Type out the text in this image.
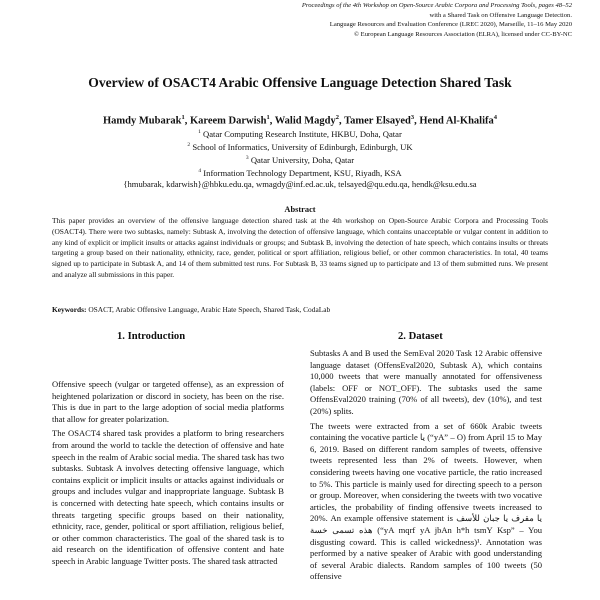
Proceedings of the 4th Workshop on Open-Source Arabic Corpora and Processing Tools, pages 48–52
with a Shared Task on Offensive Language Detection.
Language Resources and Evaluation Conference (LREC 2020), Marseille, 11–16 May 2020
© European Language Resources Association (ELRA), licensed under CC-BY-NC
Overview of OSACT4 Arabic Offensive Language Detection Shared Task
Hamdy Mubarak$^1$, Kareem Darwish$^1$, Walid Magdy$^2$, Tamer Elsayed$^3$, Hend Al-Khalifa$^4$
$^1$ Qatar Computing Research Institute, HKBU, Doha, Qatar
$^2$ School of Informatics, University of Edinburgh, Edinburgh, UK
$^3$ Qatar University, Doha, Qatar
$^4$ Information Technology Department, KSU, Riyadh, KSA
{hmubarak, kdarwish}@hbku.edu.qa, wmagdy@inf.ed.ac.uk, telsayed@qu.edu.qa, hendk@ksu.edu.sa
Abstract
This paper provides an overview of the offensive language detection shared task at the 4th workshop on Open-Source Arabic Corpora and Processing Tools (OSACT4). There were two subtasks, namely: Subtask A, involving the detection of offensive language, which contains unacceptable or vulgar content in addition to any kind of explicit or implicit insults or attacks against individuals or groups; and Subtask B, involving the detection of hate speech, which contains insults or threats targeting a group based on their nationality, ethnicity, race, gender, political or sport affiliation, religious belief, or other common characteristics. In total, 40 teams signed up to participate in Subtask A, and 14 of them submitted test runs. For Subtask B, 33 teams signed up to participate and 13 of them submitted runs. We present and analyze all submissions in this paper.
Keywords: OSACT, Arabic Offensive Language, Arabic Hate Speech, Shared Task, CodaLab
1. Introduction	2. Dataset

Offensive speech (vulgar or targeted offense), as an expression of heightened polarization or discord in society, has been on the rise. This is due in part to the large adoption of social media platforms that allow for greater polarization.

The OSACT4 shared task provides a platform to bring researchers from around the world to tackle the detection of offensive and hate speech in the realm of Arabic social media. The shared task has two subtasks. Subtask A involves detecting offensive language, which contains explicit or implicit insults or attacks against individuals or groups and includes vulgar and inappropriate language. Subtask B is concerned with detecting hate speech, which contains insults or threats targeting specific groups based on their nationality, ethnicity, race, gender, political or sport affiliation, religious belief, or other common characteristics. The goal of the shared task is to aid research on the identification of offensive content and hate speech in Arabic language Twitter posts. The shared task attracted

Subtasks A and B used the SemEval 2020 Task 12 Arabic offensive language dataset (OffensEval2020, Subtask A), which contains 10,000 tweets that were manually annotated for offensiveness (labels: OFF or NOT_OFF). The subtasks used the same OffensEval2020 training (70% of all tweets), dev (10%), and test (20%) splits.

The tweets were extracted from a set of 660k Arabic tweets containing the vocative particle يا (“yA” – O) from April 15 to May 6, 2019. Based on different random samples of tweets, offensive tweets represented less than 2% of tweets. However, when considering tweets having one vocative particle, the ratio increased to 5%. This particle is mainly used for directing speech to a person or group. Moreover, when considering the tweets with two vocative articles, the probability of finding offensive tweets increased to 20%. An example offensive statement is يا مقرف يا جبان للأسف هذه تسمى خسة (“yA mqrf yA jbAn h*h tsmY Ksp” – You disgusting coward. This is called wickedness)¹. Annotation was performed by a native speaker of Arabic with good understanding of several Arabic dialects. Random samples of 100 tweets (50 offensive
